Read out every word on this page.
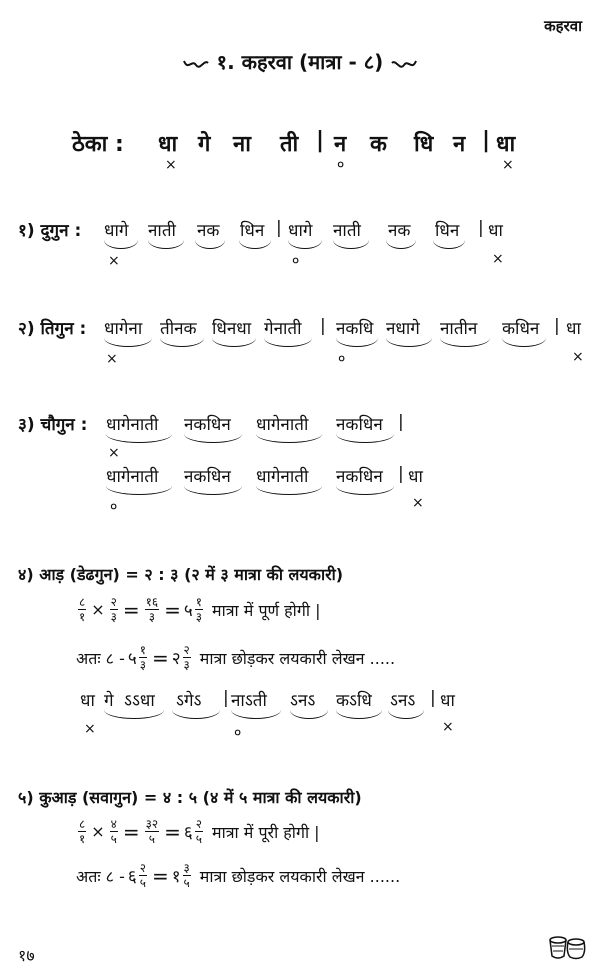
कहरवा
१. कहरवा (मात्रा - ८)
ठेका : धा गे ना ती | न क धि न | धा
×	०	×
१) दुगुन : धागे नाती नक धिन | धागे नाती नक धिन | धा
×	०	×
२) तिगुन : धागेना तीनक धिनधा गेनाती | नकधि नधागे नातीन कधिन | धा
×	०	×
३) चौगुन : धागेनाती नकधिन धागेनाती नकधिन |
×
धागेनाती नकधिन धागेनाती नकधिन | धा
०	×
४) आड़ (डेढगुन) = २ : ३ (२ में ३ मात्रा की लयकारी)
$\frac{८}{१} \times \frac{२}{३} = \frac{१६}{३}$ = ५ $\frac{१}{३}$ मात्रा में पूर्ण होगी |
अतः ८ - ५ $\frac{१}{३}$ = २ $\frac{२}{३}$ मात्रा छोड़कर लयकारी लेखन .....
धा गे ऽऽधा ऽगेऽ | नाऽती ऽनऽ कऽधि ऽनऽ | धा
×	०	×
५) कुआड़ (सवागुन) = ४ : ५ (४ में ५ मात्रा की लयकारी)
$\frac{८}{१} \times \frac{४}{५} = \frac{३२}{५}$ = ६ $\frac{२}{५}$ मात्रा में पूरी होगी |
अतः ८ - ६ $\frac{२}{५}$ = १ $\frac{३}{५}$ मात्रा छोड़कर लयकारी लेखन ......
१७
